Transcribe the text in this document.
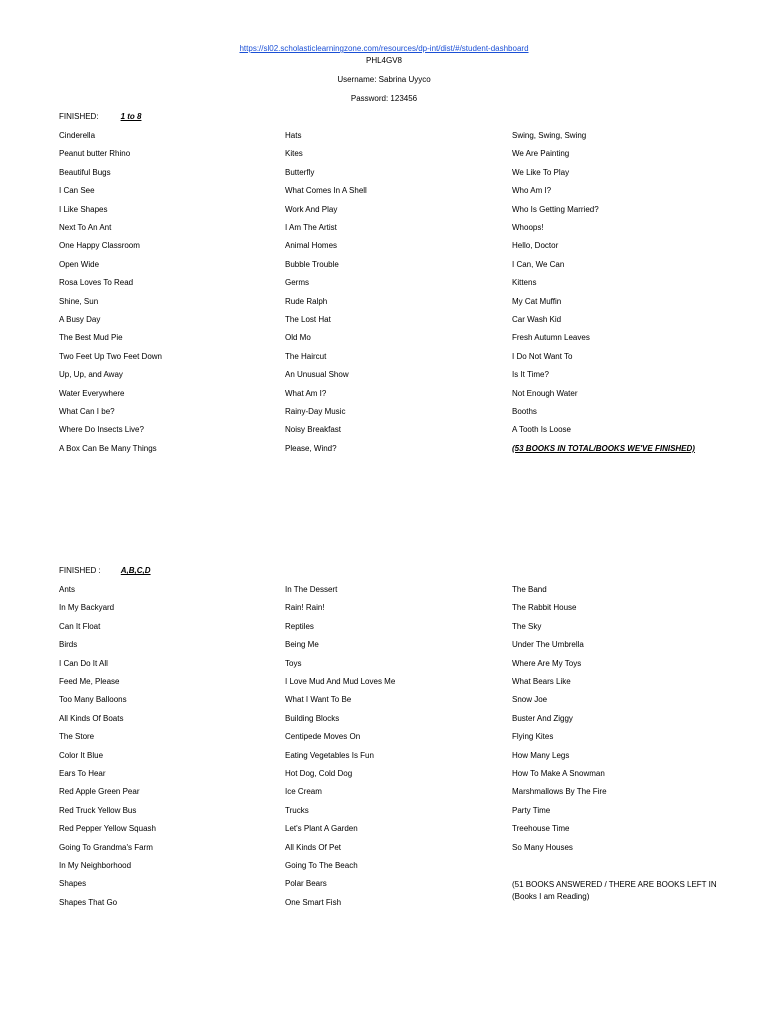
https://sl02.scholasticlearningzone.com/resources/dp-int/dist/#/student-dashboard
PHL4GV8
Username: Sabrina Uyyco
Password: 123456
FINISHED:	1 to 8
Cinderella
Peanut butter Rhino
Beautiful Bugs
I Can See
I Like Shapes
Next To An Ant
One Happy Classroom
Open Wide
Rosa Loves To Read
Shine, Sun
A Busy Day
The Best Mud Pie
Two Feet Up Two Feet Down
Up, Up, and Away
Water Everywhere
What Can I be?
Where Do Insects Live?
A Box Can Be Many Things
Hats
Kites
Butterfly
What Comes In A Shell
Work And Play
I Am The Artist
Animal Homes
Bubble Trouble
Germs
Rude Ralph
The Lost Hat
Old Mo
The Haircut
An Unusual Show
What Am I?
Rainy-Day Music
Noisy Breakfast
Please, Wind?
Swing, Swing, Swing
We Are Painting
We Like To Play
Who Am I?
Who Is Getting Married?
Whoops!
Hello, Doctor
I Can, We Can
Kittens
My Cat Muffin
Car Wash Kid
Fresh Autumn Leaves
I Do Not Want To
Is It Time?
Not Enough Water
Booths
A Tooth Is Loose
(53 BOOKS IN TOTAL/BOOKS WE'VE FINISHED)
FINISHED :	A,B,C,D
Ants
In My Backyard
Can It Float
Birds
I Can Do It All
Feed Me, Please
Too Many Balloons
All Kinds Of Boats
The Store
Color It Blue
Ears To Hear
Red Apple Green Pear
Red Truck Yellow Bus
Red Pepper Yellow Squash
Going To Grandma's Farm
In My Neighborhood
Shapes
Shapes That Go
In The Dessert
Rain! Rain!
Reptiles
Being Me
Toys
I Love Mud And Mud Loves Me
What I Want To Be
Building Blocks
Centipede Moves On
Eating Vegetables Is Fun
Hot Dog, Cold Dog
Ice Cream
Trucks
Let's Plant A Garden
All Kinds Of Pet
Going To The Beach
Polar Bears
One Smart Fish
The Band
The Rabbit House
The Sky
Under The Umbrella
Where Are My Toys
What Bears Like
Snow Joe
Buster And Ziggy
Flying Kites
How Many Legs
How To Make A Snowman
Marshmallows By The Fire
Party Time
Treehouse Time
So Many Houses
(51 BOOKS ANSWERED / THERE ARE BOOKS LEFT IN
(Books I am Reading)
